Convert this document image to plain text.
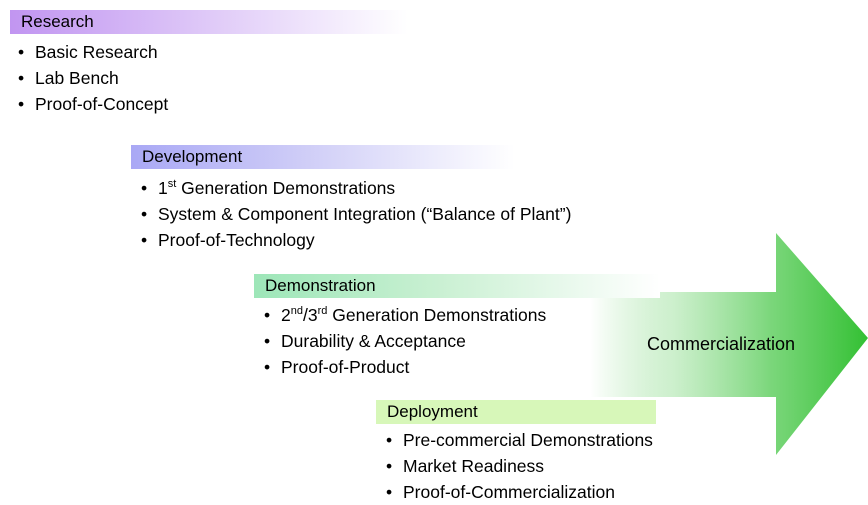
Research
• Basic Research
• Lab Bench
• Proof-of-Concept
Development
• 1st Generation Demonstrations
• System & Component Integration (“Balance of Plant”)
• Proof-of-Technology
Demonstration
• 2nd/3rd Generation Demonstrations
• Durability & Acceptance
• Proof-of-Product
Deployment
• Pre-commercial Demonstrations
• Market Readiness
• Proof-of-Commercialization
Commercialization
